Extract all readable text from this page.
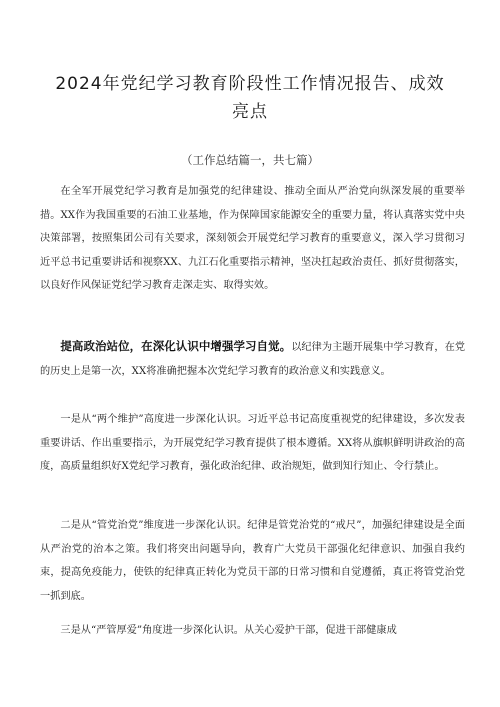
2024年党纪学习教育阶段性工作情况报告、成效亮点
（工作总结篇一，共七篇）

在全军开展党纪学习教育是加强党的纪律建设、推动全面从严治党向纵深发展的重要举措。XX作为我国重要的石油工业基地，作为保障国家能源安全的重要力量，将认真落实党中央决策部署，按照集团公司有关要求，深刻领会开展党纪学习教育的重要意义，深入学习贯彻习近平总书记重要讲话和视察XX、九江石化重要指示精神，坚决扛起政治责任、抓好贯彻落实，以良好作风保证党纪学习教育走深走实、取得实效。

提高政治站位，在深化认识中增强学习自觉。以纪律为主题开展集中学习教育，在党的历史上是第一次，XX将准确把握本次党纪学习教育的政治意义和实践意义。

一是从“两个维护”高度进一步深化认识。习近平总书记高度重视党的纪律建设，多次发表重要讲话、作出重要指示，为开展党纪学习教育提供了根本遵循。XX将从旗帜鲜明讲政治的高度，高质量组织好X党纪学习教育，强化政治纪律、政治规矩，做到知行知止、令行禁止。

二是从“管党治党”维度进一步深化认识。纪律是管党治党的“戒尺”，加强纪律建设是全面从严治党的治本之策。我们将突出问题导向，教育广大党员干部强化纪律意识、加强自我约束，提高免疫能力，使铁的纪律真正转化为党员干部的日常习惯和自觉遵循，真正将管党治党一抓到底。

三是从“严管厚爱”角度进一步深化认识。从关心爱护干部，促进干部健康成
